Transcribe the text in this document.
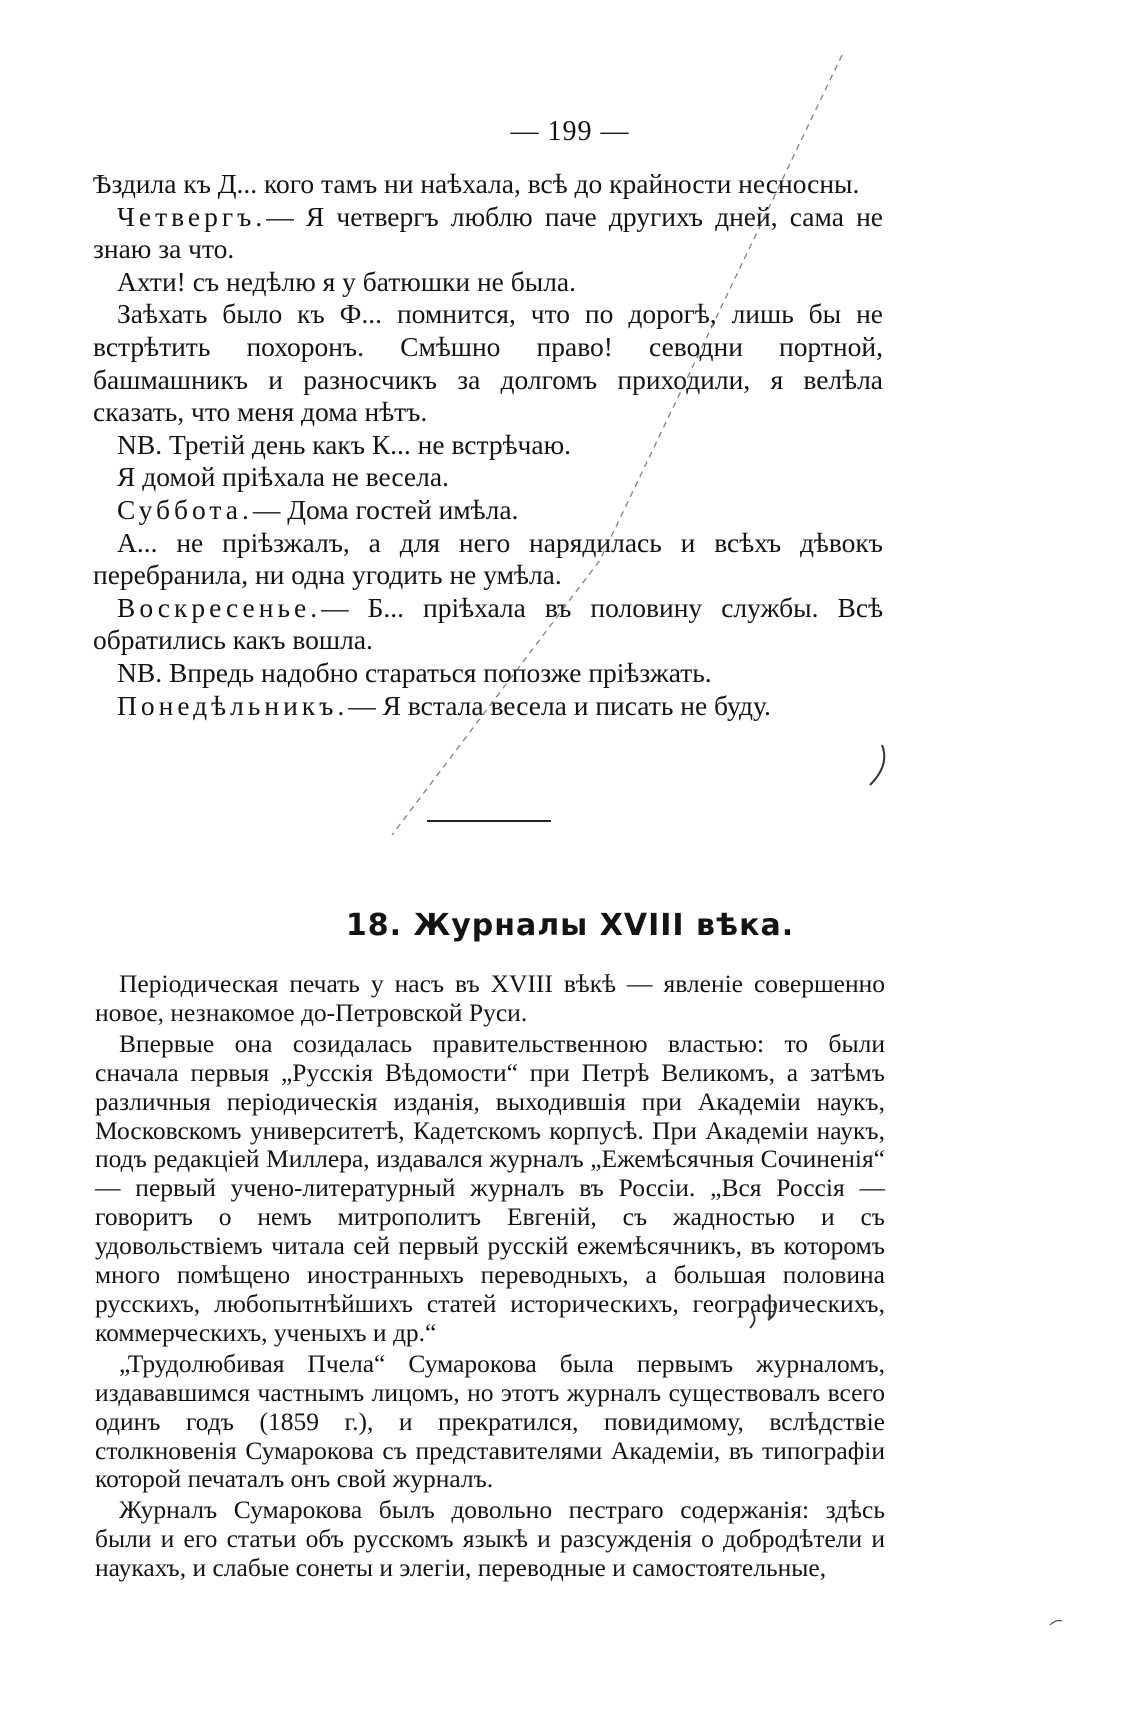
— 199 —

Ѣздила къ Д... кого тамъ ни наѣхала, всѣ до крайности несносны.

Четвергъ.— Я четвергъ люблю паче другихъ дней, сама не знаю за что.

Ахти! съ недѣлю я у батюшки не была.

Заѣхать было къ Ф... помнится, что по дорогѣ, лишь бы не встрѣтить похоронъ. Смѣшно право! севодни портной, башмашникъ и разносчикъ за долгомъ приходили, я велѣла сказать, что меня дома нѣтъ.

NB. Третій день какъ К... не встрѣчаю.

Я домой пріѣхала не весела.

Суббота.— Дома гостей имѣла.

А... не пріѣзжалъ, а для него нарядилась и всѣхъ дѣвокъ перебранила, ни одна угодить не умѣла.

Воскресенье.— Б... пріѣхала въ половину службы. Всѣ обратились какъ вошла.

NB. Впредь надобно стараться попозже пріѣзжать.

Понедѣльникъ.— Я встала весела и писать не буду.

18. Журналы XVIII вѣка.

Періодическая печать у насъ въ XVIII вѣкѣ — явленіе совершенно новое, незнакомое до-Петровской Руси.

Впервые она созидалась правительственною властью: то были сначала первыя „Русскія Вѣдомости“ при Петрѣ Великомъ, а затѣмъ различныя періодическія изданія, выходившія при Академіи наукъ, Московскомъ университетѣ, Кадетскомъ корпусѣ. При Академіи наукъ, подъ редакціей Миллера, издавался журналъ „Ежемѣсячныя Сочиненія“ — первый учено-литературный журналъ въ Россіи. „Вся Россія — говоритъ о немъ митрополитъ Евгеній, съ жадностью и съ удовольствіемъ читала сей первый русскій ежемѣсячникъ, въ которомъ много помѣщено иностранныхъ переводныхъ, а большая половина русскихъ, любопытнѣйшихъ статей историческихъ, географическихъ, коммерческихъ, ученыхъ и др.“

„Трудолюбивая Пчела“ Сумарокова была первымъ журналомъ, издававшимся частнымъ лицомъ, но этотъ журналъ существовалъ всего одинъ годъ (1859 г.), и прекратился, повидимому, вслѣдствіе столкновенія Сумарокова съ представителями Академіи, въ типографіи которой печаталъ онъ свой журналъ.

Журналъ Сумарокова былъ довольно пестраго содержанія: здѣсь были и его статьи объ русскомъ языкѣ и разсужденія о добродѣтели и наукахъ, и слабые сонеты и элегіи, переводные и самостоятельные,
